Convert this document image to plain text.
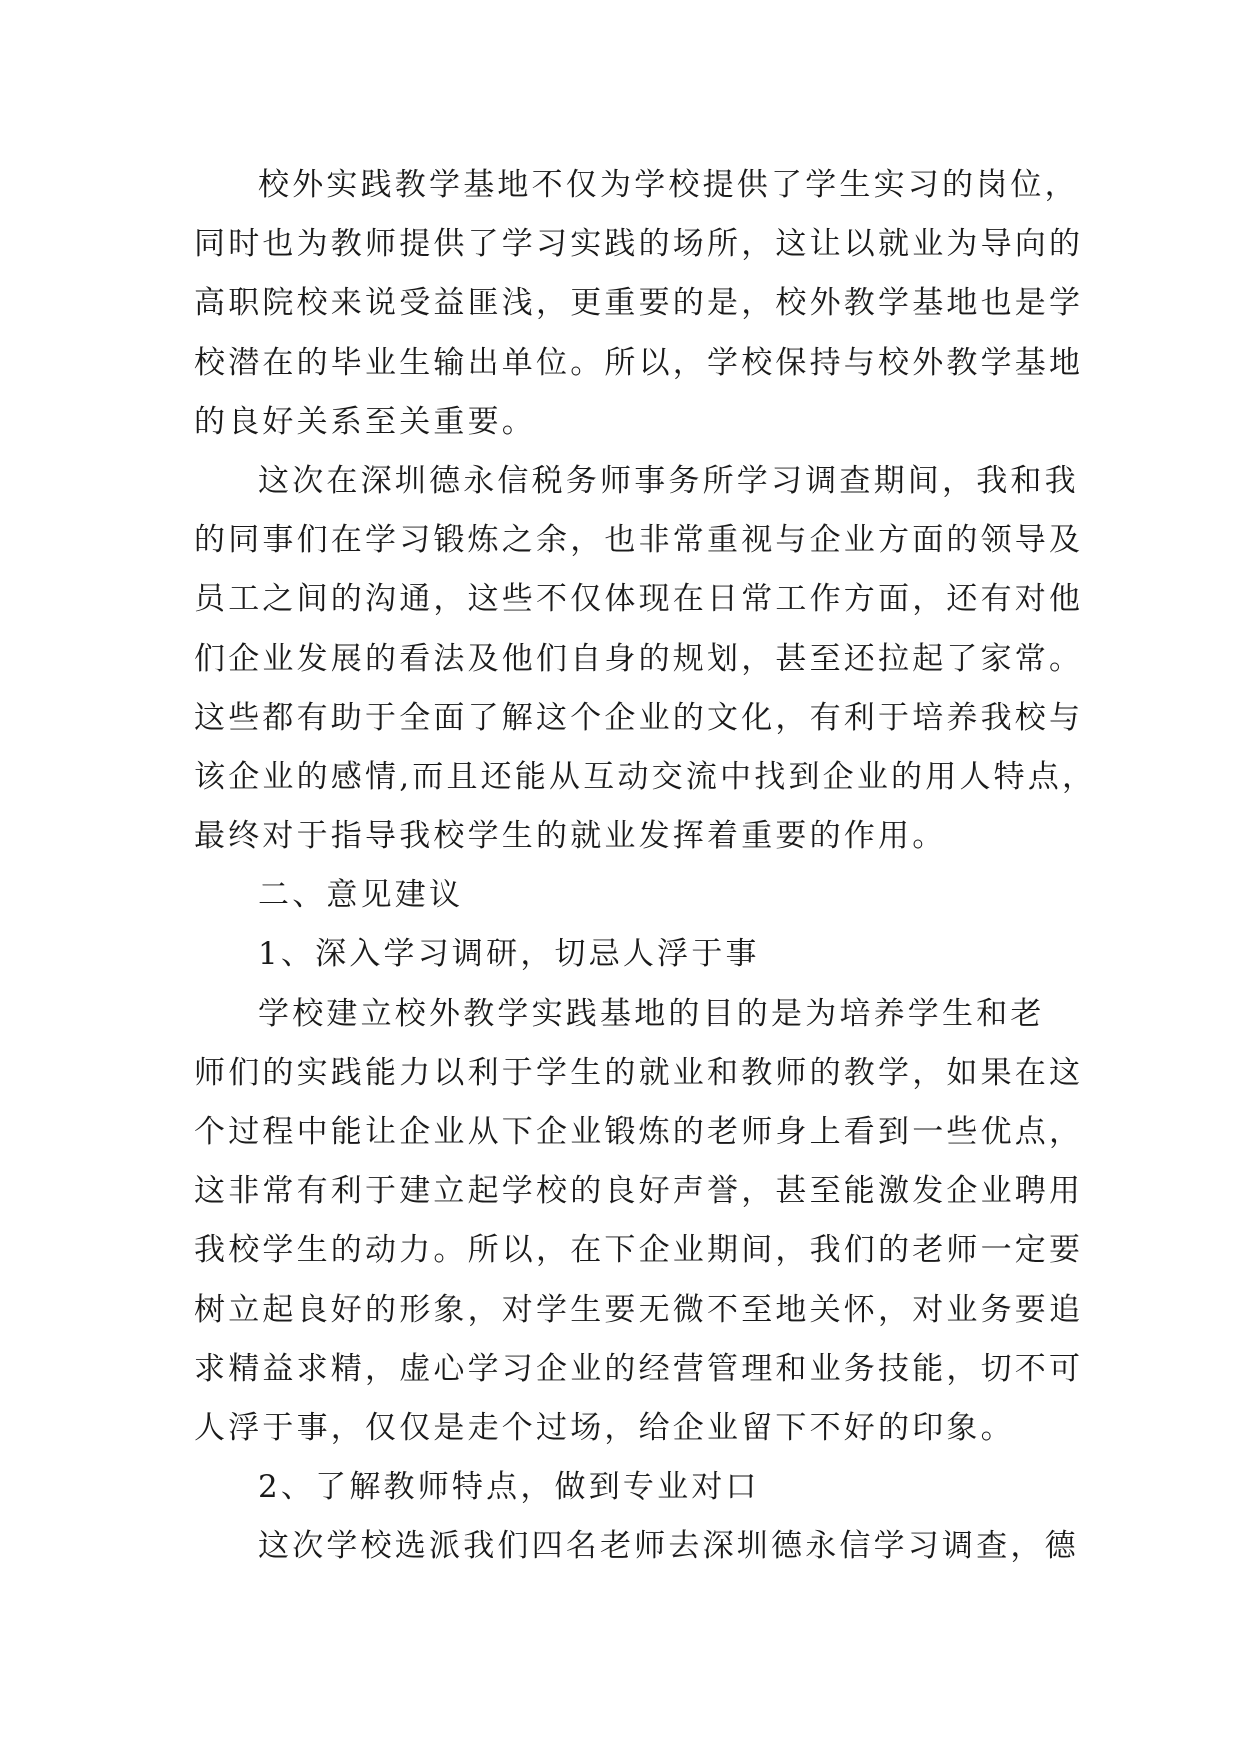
校外实践教学基地不仅为学校提供了学生实习的岗位，
同时也为教师提供了学习实践的场所，这让以就业为导向的
高职院校来说受益匪浅，更重要的是，校外教学基地也是学
校潜在的毕业生输出单位。所以，学校保持与校外教学基地
的良好关系至关重要。
这次在深圳德永信税务师事务所学习调查期间，我和我
的同事们在学习锻炼之余，也非常重视与企业方面的领导及
员工之间的沟通，这些不仅体现在日常工作方面，还有对他
们企业发展的看法及他们自身的规划，甚至还拉起了家常。
这些都有助于全面了解这个企业的文化，有利于培养我校与
该企业的感情,而且还能从互动交流中找到企业的用人特点，
最终对于指导我校学生的就业发挥着重要的作用。
二、意见建议
1、深入学习调研，切忌人浮于事
学校建立校外教学实践基地的目的是为培养学生和老
师们的实践能力以利于学生的就业和教师的教学，如果在这
个过程中能让企业从下企业锻炼的老师身上看到一些优点，
这非常有利于建立起学校的良好声誉，甚至能激发企业聘用
我校学生的动力。所以，在下企业期间，我们的老师一定要
树立起良好的形象，对学生要无微不至地关怀，对业务要追
求精益求精，虚心学习企业的经营管理和业务技能，切不可
人浮于事，仅仅是走个过场，给企业留下不好的印象。
2、了解教师特点，做到专业对口
这次学校选派我们四名老师去深圳德永信学习调查，德
